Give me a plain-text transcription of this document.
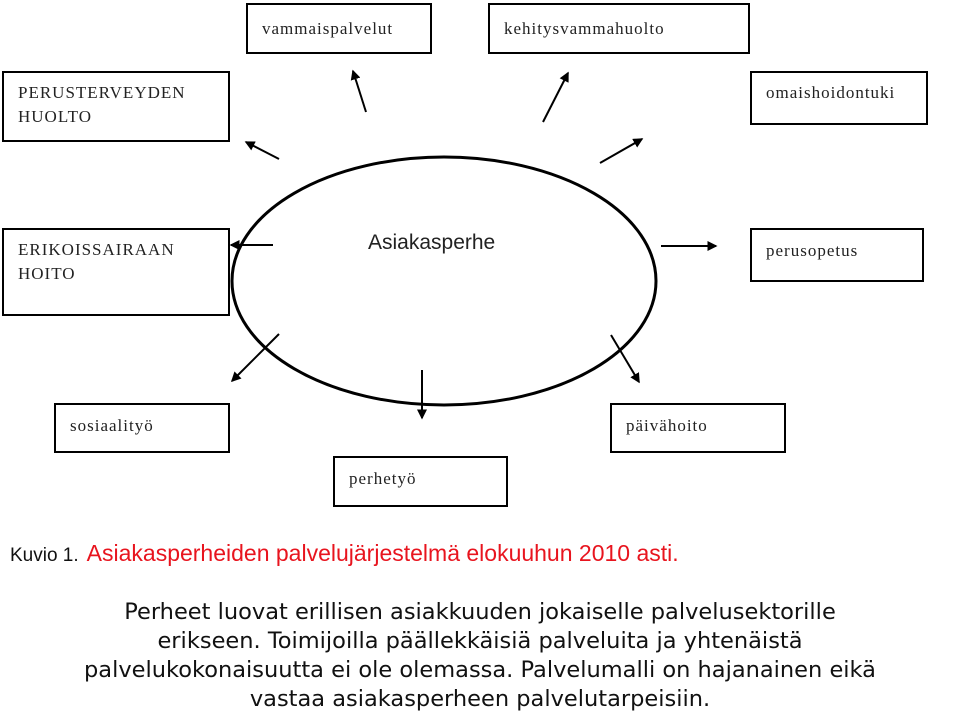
vammaispalvelut	kehitysvammahuolto
PERUSTERVEYDEN
HUOLTO
omaishoidontuki
ERIKOISSAIRAAN
HOITO
perusopetus
sosiaalityö	päivähoito
perhetyö
Asiakasperhe
Kuvio 1. Asiakasperheiden palvelujärjestelmä elokuuhun 2010 asti.
Perheet luovat erillisen asiakkuuden jokaiselle palvelusektorille
erikseen. Toimijoilla päällekkäisiä palveluita ja yhtenäistä
palvelukokonaisuutta ei ole olemassa. Palvelumalli on hajanainen eikä
vastaa asiakasperheen palvelutarpeisiin.
